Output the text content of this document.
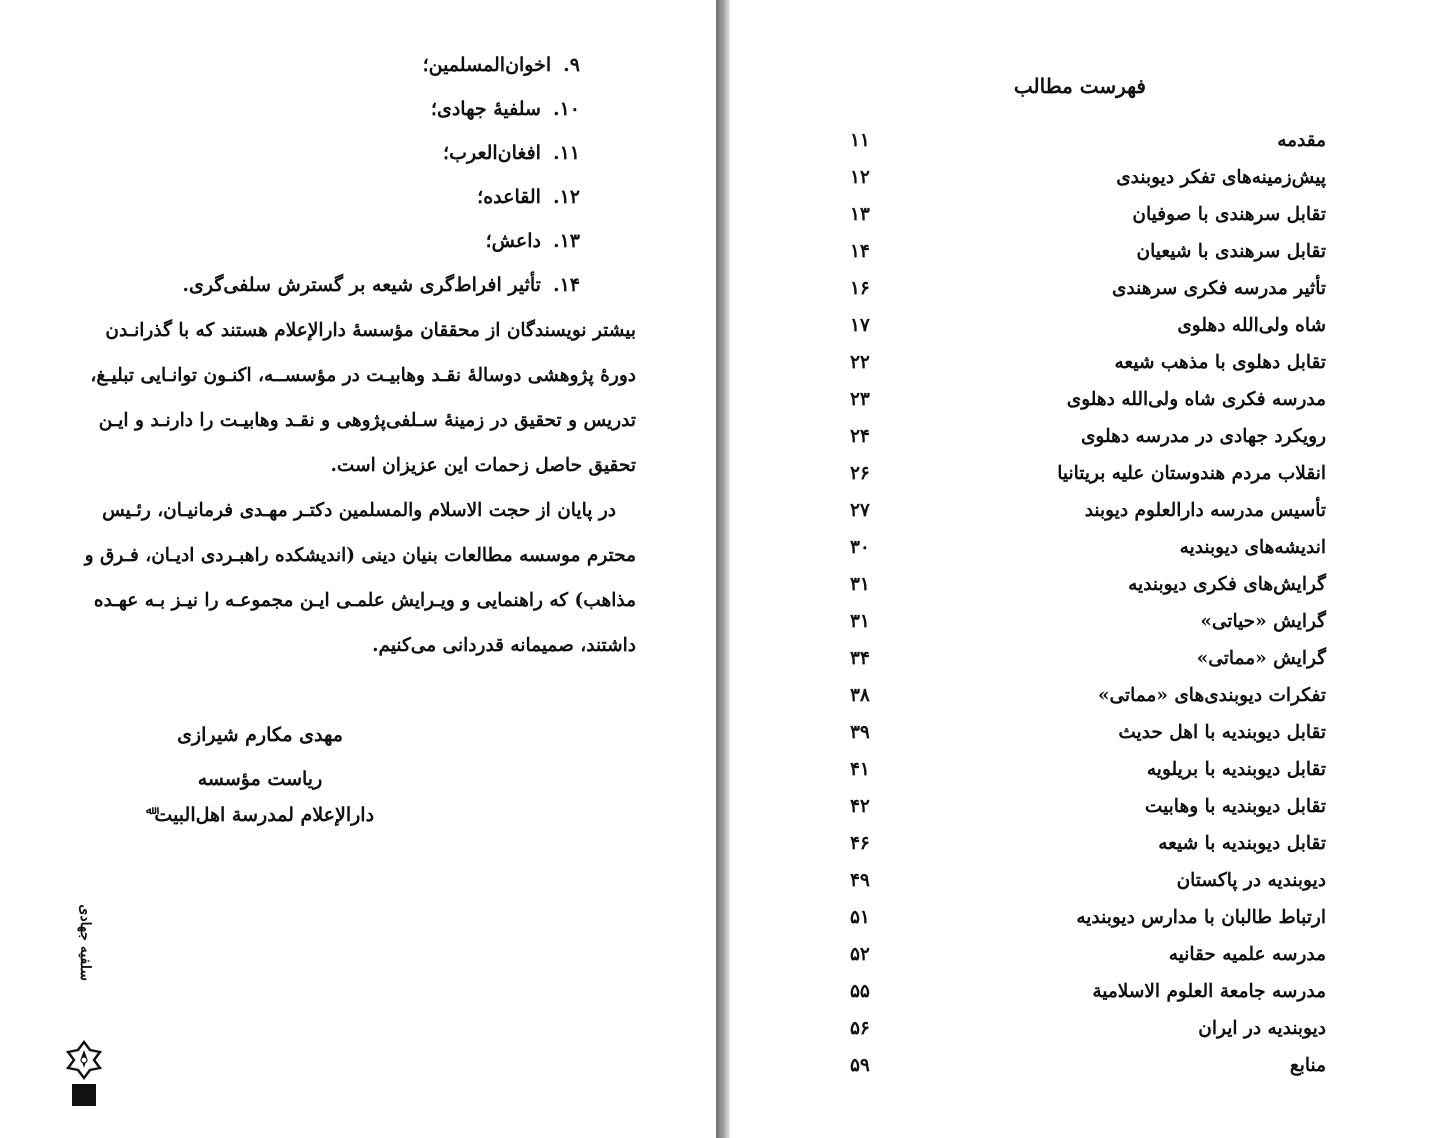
۹.اخوان‌المسلمین؛
۱۰.سلفیهٔ جهادی؛
۱۱.افغان‌العرب؛
۱۲.القاعده؛
۱۳.داعش؛
۱۴.تأثیر افراط‌گری شیعه بر گسترش سلفی‌گری.
بیشتر نویسندگان از محققان مؤسسهٔ دارالإعلام هستند که با گذرانـدن
دورهٔ پژوهشی دوسالهٔ نقـد وهابیـت در مؤسســه، اکنـون توانـایی تبلیـغ،
تدریس و تحقیق در زمینهٔ سـلفی‌پژوهی و نقـد وهابیـت را دارنـد و ایـن
تحقیق حاصل زحمات این عزیزان است.
در پایان از حجت الاسلام والمسلمین دکتـر مهـدی فرمانیـان، رئـیس
محترم موسسه مطالعات بنیان دینی (اندیشکده راهبـردی ادیـان، فـرق و
مذاهب) که راهنمایی و ویـرایش علمـی ایـن مجموعـه را نیـز بـه عهـده
داشتند، صمیمانه قدردانی می‌کنیم.
مهدی مکارم شیرازی
ریاست مؤسسه
دارالإعلام لمدرسة اهل‌البیت$^ﷲ$
سلفیه جهادی
فهرست مطالب
مقدمه
۱۱
پیش‌زمینه‌های تفکر دیوبندی
۱۲
تقابل سرهندی با صوفیان
۱۳
تقابل سرهندی با شیعیان
۱۴
تأثیر مدرسه فکری سرهندی
۱۶
شاه ولی‌الله دهلوی
۱۷
تقابل دهلوی با مذهب شیعه
۲۲
مدرسه فکری شاه ولی‌الله دهلوی
۲۳
رویکرد جهادی در مدرسه دهلوی
۲۴
انقلاب مردم هندوستان علیه بریتانیا
۲۶
تأسیس مدرسه دارالعلوم دیوبند
۲۷
اندیشه‌های دیوبندیه
۳۰
گرایش‌های فکری دیوبندیه
۳۱
گرایش «حیاتی»
۳۱
گرایش «مماتی»
۳۴
تفکرات دیوبندی‌های «مماتی»
۳۸
تقابل دیوبندیه با اهل حدیث
۳۹
تقابل دیوبندیه با بریلویه
۴۱
تقابل دیوبندیه با وهابیت
۴۲
تقابل دیوبندیه با شیعه
۴۶
دیوبندیه در پاکستان
۴۹
ارتباط طالبان با مدارس دیوبندیه
۵۱
مدرسه علمیه حقانیه
۵۲
مدرسه جامعة العلوم الاسلامیة
۵۵
دیوبندیه در ایران
۵۶
منابع
۵۹
